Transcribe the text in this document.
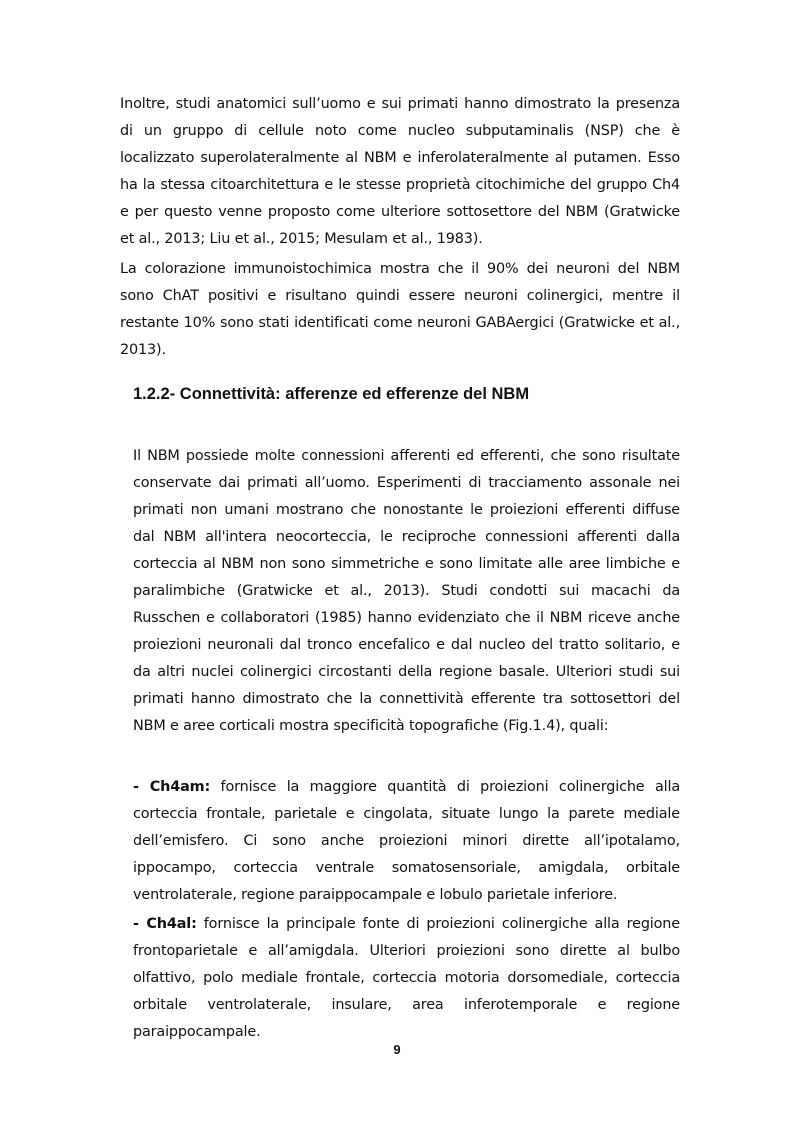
Inoltre, studi anatomici sull’uomo e sui primati hanno dimostrato la presenza di un gruppo di cellule noto come nucleo subputaminalis (NSP) che è localizzato superolateralmente al NBM e inferolateralmente al putamen. Esso ha la stessa citoarchitettura e le stesse proprietà citochimiche del gruppo Ch4 e per questo venne proposto come ulteriore sottosettore del NBM (Gratwicke et al., 2013; Liu et al., 2015; Mesulam et al., 1983).

La colorazione immunoistochimica mostra che il 90% dei neuroni del NBM sono ChAT positivi e risultano quindi essere neuroni colinergici, mentre il restante 10% sono stati identificati come neuroni GABAergici (Gratwicke et al., 2013).

1.2.2- Connettività: afferenze ed efferenze del NBM

Il NBM possiede molte connessioni afferenti ed efferenti, che sono risultate conservate dai primati all’uomo. Esperimenti di tracciamento assonale nei primati non umani mostrano che nonostante le proiezioni efferenti diffuse dal NBM all'intera neocorteccia, le reciproche connessioni afferenti dalla corteccia al NBM non sono simmetriche e sono limitate alle aree limbiche e paralimbiche (Gratwicke et al., 2013). Studi condotti sui macachi da Russchen e collaboratori (1985) hanno evidenziato che il NBM riceve anche proiezioni neuronali dal tronco encefalico e dal nucleo del tratto solitario, e da altri nuclei colinergici circostanti della regione basale. Ulteriori studi sui primati hanno dimostrato che la connettività efferente tra sottosettori del NBM e aree corticali mostra specificità topografiche (Fig.1.4), quali:

- Ch4am: fornisce la maggiore quantità di proiezioni colinergiche alla corteccia frontale, parietale e cingolata, situate lungo la parete mediale dell’emisfero. Ci sono anche proiezioni minori dirette all’ipotalamo, ippocampo, corteccia ventrale somatosensoriale, amigdala, orbitale ventrolaterale, regione paraippocampale e lobulo parietale inferiore.

- Ch4al: fornisce la principale fonte di proiezioni colinergiche alla regione frontoparietale e all’amigdala. Ulteriori proiezioni sono dirette al bulbo olfattivo, polo mediale frontale, corteccia motoria dorsomediale, corteccia orbitale ventrolaterale, insulare, area inferotemporale e regione paraippocampale.

9
